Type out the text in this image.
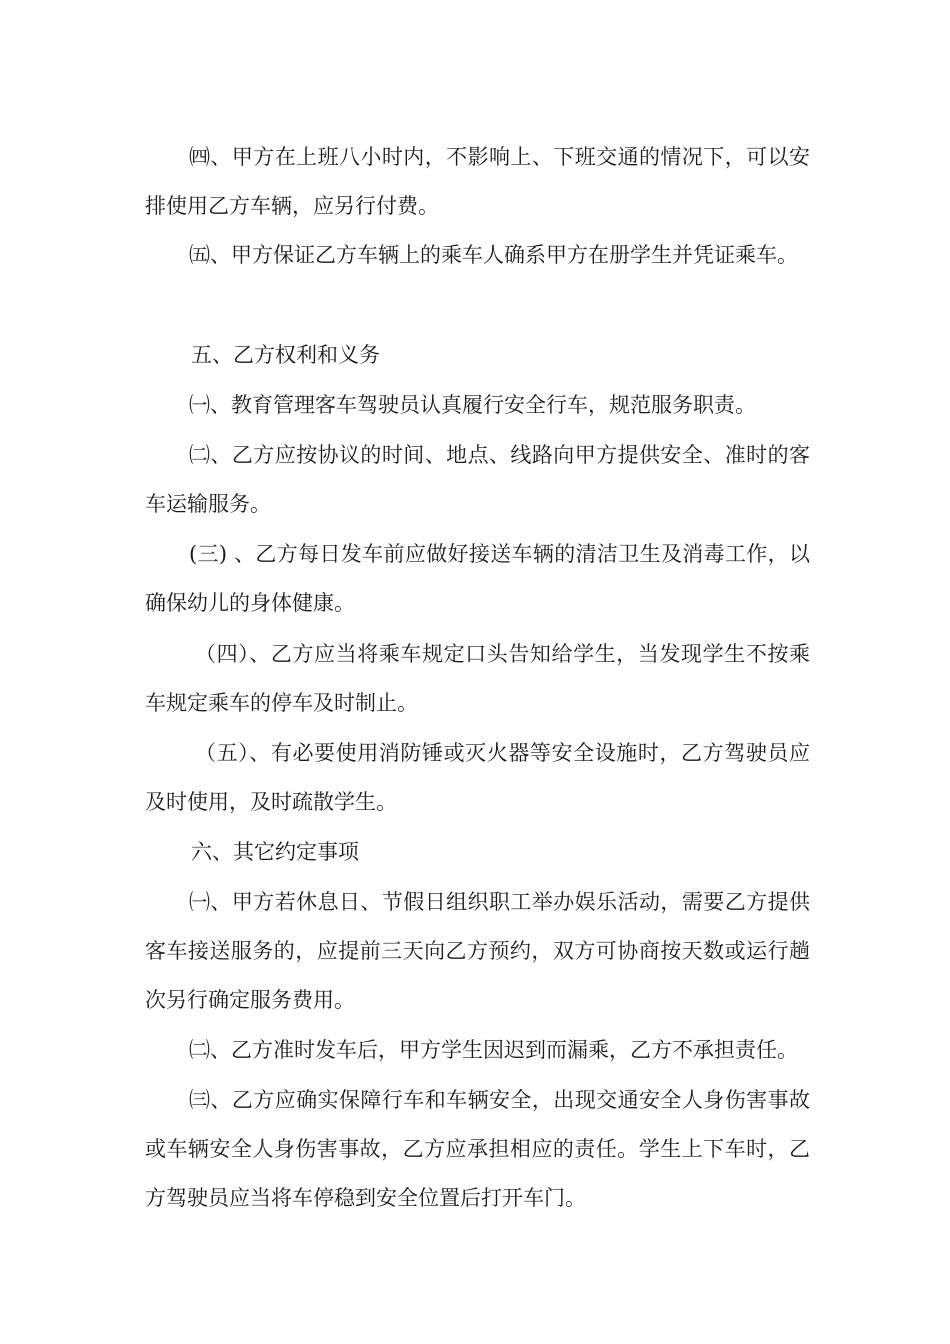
㈣、甲方在上班八小时内，不影响上、下班交通的情况下，可以安排使用乙方车辆，应另行付费。

㈤、甲方保证乙方车辆上的乘车人确系甲方在册学生并凭证乘车。

五、乙方权利和义务

㈠、教育管理客车驾驶员认真履行安全行车，规范服务职责。

㈡、乙方应按协议的时间、地点、线路向甲方提供安全、准时的客车运输服务。

(三) 、乙方每日发车前应做好接送车辆的清洁卫生及消毒工作，以确保幼儿的身体健康。

（四）、乙方应当将乘车规定口头告知给学生，当发现学生不按乘车规定乘车的停车及时制止。

（五）、有必要使用消防锤或灭火器等安全设施时，乙方驾驶员应及时使用，及时疏散学生。

六、其它约定事项

㈠、甲方若休息日、节假日组织职工举办娱乐活动，需要乙方提供客车接送服务的，应提前三天向乙方预约，双方可协商按天数或运行趟次另行确定服务费用。

㈡、乙方准时发车后，甲方学生因迟到而漏乘，乙方不承担责任。

㈢、乙方应确实保障行车和车辆安全，出现交通安全人身伤害事故或车辆安全人身伤害事故，乙方应承担相应的责任。学生上下车时，乙方驾驶员应当将车停稳到安全位置后打开车门。
